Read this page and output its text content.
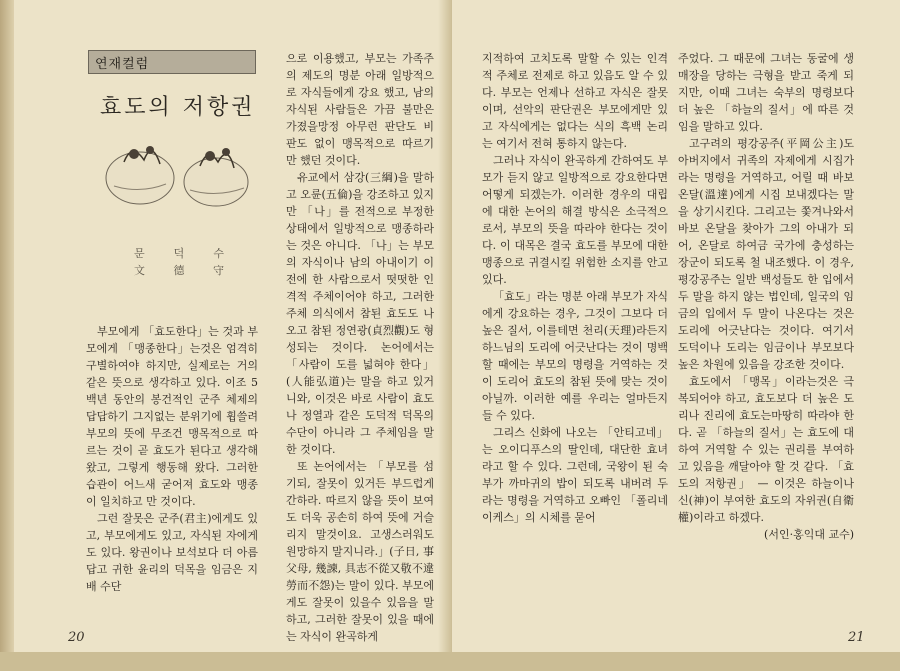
연재컬럼
효도의 저항권
문	덕	수
文	德	守

부모에게 「효도한다」는 것과 부모에게 「맹종한다」는것은 엄격히 구별하여야 하지만, 실제로는 거의 같은 뜻으로 생각하고 있다. 이조 5백년 동안의 봉건적인 군주 체제의 답답하기 그지없는 분위기에 휩쓸려 부모의 뜻에 무조건 맹목적으로 따르는 것이 곧 효도가 된다고 생각해 왔고, 그렇게 행동해 왔다. 그러한 습관이 어느새 굳어져 효도와 맹종이 일치하고 만 것이다.

그런 잘못은 군주(君主)에게도 있고, 부모에게도 있고, 자식된 자에게도 있다. 왕권이나 보석보다 더 아름답고 귀한 윤리의 덕목을 임금은 지배 수단

으로 이용했고, 부모는 가족주의 제도의 명분 아래 일방적으로 자식들에게 강요 했고, 남의 자식된 사람들은 가끔 불만은 가졌을망정 아무런 판단도 비판도 없이 맹목적으로 따르기만 했던 것이다.

유교에서 삼강(三綱)을 말하고 오륜(五倫)을 강조하고 있지만 「나」를 전적으로 부정한 상태에서 일방적으로 맹종하라는 것은 아니다. 「나」는 부모의 자식이나 남의 아내이기 이전에 한 사람으로서 떳떳한 인격적 주체이어야 하고, 그러한 주체 의식에서 참된 효도도 나오고 참된 정연광(貞烈觀)도 형성되는 것이다. 논어에서는 「사람이 도를 넓혀야 한다」(人能弘道)는 말을 하고 있거니와, 이것은 바로 사람이 효도나 정열과 같은 도덕적 덕목의 수단이 아니라 그 주체임을 말한 것이다.

또 논어에서는 「부모를 섬기되, 잘못이 있거든 부드럽게 간하라. 따르지 않을 뜻이 보여도 더욱 공손히 하여 뜻에 거슬리지 말것이요. 고생스러워도 원망하지 말지니라.」(子日, 事父母, 幾諫, 具志不從又敬不違 勞而不怨)는 말이 있다. 부모에게도 잘못이 있을수 있음을 말하고, 그러한 잘못이 있을 때에는 자식이 완곡하게

20

지적하여 고치도록 말할 수 있는 인격적 주체로 전제로 하고 있음도 알 수 있다. 부모는 언제나 선하고 자식은 잘못이며, 선악의 판단권은 부모에게만 있고 자식에게는 없다는 식의 흑백 논리는 여기서 전혀 통하지 않는다.

그러나 자식이 완곡하게 간하여도 부모가 듣지 않고 일방적으로 강요한다면 어떻게 되겠는가. 이러한 경우의 대립에 대한 논어의 해결 방식은 소극적으로서, 부모의 뜻을 따라야 한다는 것이다. 이 대목은 결국 효도를 부모에 대한 맹종으로 귀결시킬 위험한 소지를 안고 있다.

「효도」라는 명분 아래 부모가 자식에게 강요하는 경우, 그것이 그보다 더 높은 질서, 이를테면 천리(天理)라든지 하느님의 도리에 어긋난다는 것이 명백할 때에는 부모의 명령을 거역하는 것이 도리어 효도의 참된 뜻에 맞는 것이 아닐까. 이러한 예를 우리는 얼마든지 들 수 있다.

그리스 신화에 나오는 「안티고네」는 오이디푸스의 딸인데, 대단한 효녀라고 할 수 있다. 그런데, 국왕이 된 숙부가 까마귀의 밥이 되도록 내버려 두라는 명령을 거역하고 오빠인 「폴리네이케스」의 시체를 묻어

주었다. 그 때문에 그녀는 동굴에 생매장을 당하는 극형을 받고 죽게 되지만, 이때 그녀는 숙부의 명령보다 더 높은 「하늘의 질서」에 따른 것임을 말하고 있다.

고구려의 평강공주(平岡公主)도 아버지에서 귀족의 자제에게 시집가라는 명령을 거역하고, 어릴 때 바보 온달(溫達)에게 시집 보내겠다는 말을 상기시킨다. 그리고는 쫓겨나와서 바보 온달을 찾아가 그의 아내가 되어, 온달로 하여금 국가에 충성하는 장군이 되도록 철 내조했다. 이 경우, 평강공주는 일반 백성들도 한 입에서 두 말을 하지 않는 법인데, 일국의 임금의 입에서 두 말이 나온다는 것은 도리에 어긋난다는 것이다. 여기서 도덕이나 도리는 임금이나 부모보다 높은 차원에 있음을 강조한 것이다.

효도에서 「맹목」이라는것은 극복되어야 하고, 효도보다 더 높은 도리나 진리에 효도는마땅히 따라야 한다. 곧 「하늘의 질서」는 효도에 대하여 거역할 수 있는 권리를 부여하고 있음을 깨달아야 할 것 같다. 「효도의 저항권」 — 이것은 하늘이나 신(神)이 부여한 효도의 자위권(自衛權)이라고 하겠다.

(서인·홍익대 교수)

21
